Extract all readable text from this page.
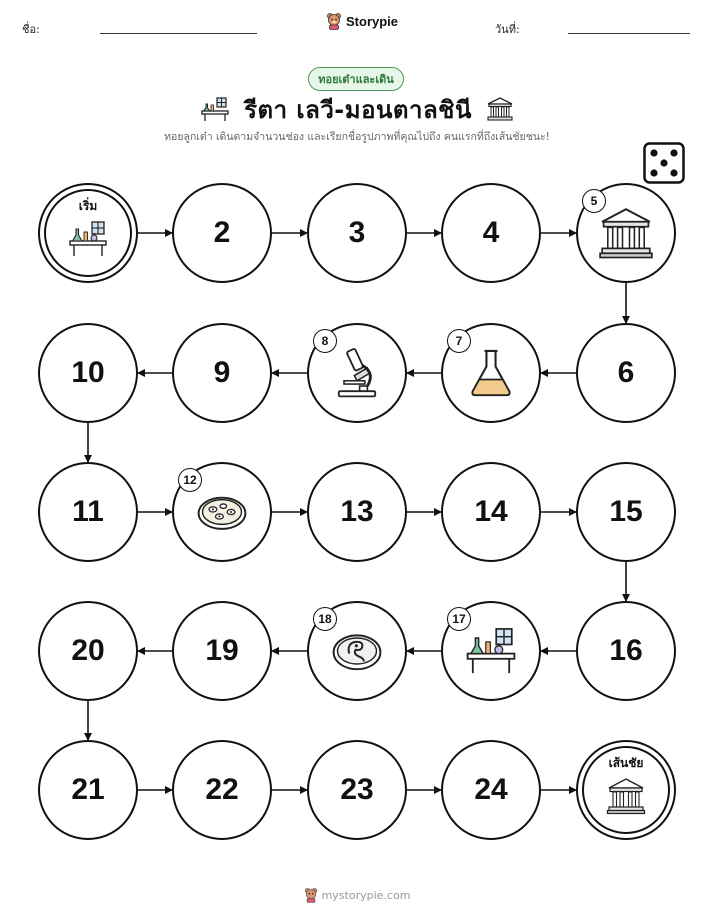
ชื่อ:
Storypie
วันที่:
ทอยเต๋าและเดิน
รีตา เลวี-มอนตาลชินี
ทอยลูกเต๋า เดินตามจำนวนช่อง และเรียกชื่อรูปภาพที่คุณไปถึง คนแรกที่ถึงเส้นชัยชนะ!
เริ่ม
2	3	4
5
6
7
8
9
10
11
12
13	14	15
16
17
18
19
20
21	22	23	24
เส้นชัย
mystorypie.com
